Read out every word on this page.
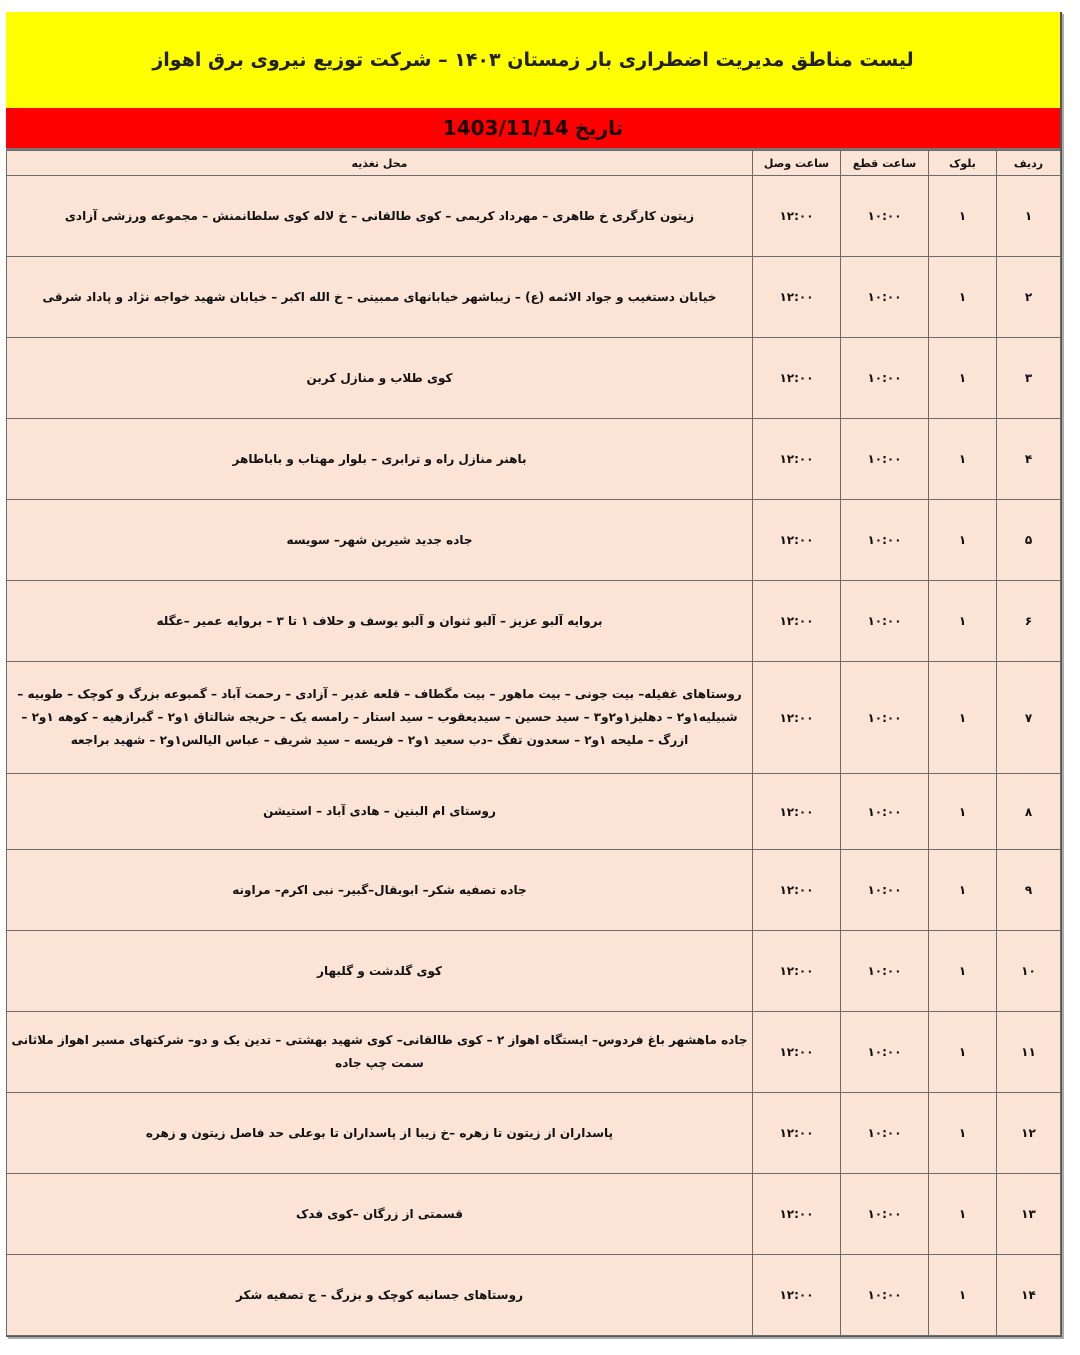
لیست مناطق مدیریت اضطراری بار زمستان ۱۴۰۳ – شرکت توزیع نیروی برق اهواز
تاریخ
1403/11/14
ردیف	بلوک	ساعت قطع	ساعت وصل	محل تغذیه
۱	۱	۱۰:۰۰	۱۲:۰۰	زیتون کارگری خ طاهری – مهرداد کریمی – کوی طالقانی – خ لاله کوی سلطانمنش – مجموعه ورزشی آزادی
۲	۱	۱۰:۰۰	۱۲:۰۰	خیابان دستغیب و جواد الائمه (ع) – زیباشهر خیابانهای ممبینی – خ الله اکبر – خیابان شهید خواجه نژاد و پاداد شرقی
۳	۱	۱۰:۰۰	۱۲:۰۰	کوی طلاب و منازل کربن
۴	۱	۱۰:۰۰	۱۲:۰۰	باهنر منازل راه و ترابری – بلوار مهتاب و باباطاهر
۵	۱	۱۰:۰۰	۱۲:۰۰	جاده جدید شیرین شهر– سویسه
۶	۱	۱۰:۰۰	۱۲:۰۰	بروایه آلبو عزیز – آلبو ثنوان و آلبو یوسف و حلاف ۱ تا ۳ – بروایه عمیر –عگله
۷	۱	۱۰:۰۰	۱۲:۰۰	روستاهای غفیله– بیت جونی – بیت ماهور – بیت مگطاف – قلعه غدیر – آزادی – رحمت آباد – گمبوعه بزرگ و کوچک – طوبیه – شبیلیه۱و۲ – دهلیز۱و۲و۳ – سید حسین – سیدیعقوب – سید استار – رامسه یک – حریجه شالتاق ۱و۲ – گبرازهیه – کوهه ۱و۲ – ازرگ – ملیحه ۱و۲ – سعدون تفگ –دب سعید ۱و۲ – فریسه – سید شریف – عباس الیالس۱و۲ – شهید براجعه
۸	۱	۱۰:۰۰	۱۲:۰۰	روستای ام البنین – هادی آباد – استیشن
۹	۱	۱۰:۰۰	۱۲:۰۰	جاده تصفیه شکر– ابوبقال–گبیر– نبی اکرم– مراونه
۱۰	۱	۱۰:۰۰	۱۲:۰۰	کوی گلدشت و گلبهار
۱۱	۱	۱۰:۰۰	۱۲:۰۰	جاده ماهشهر باغ فردوس– ایستگاه اهواز ۲ – کوی طالقانی– کوی شهید بهشتی – تدین یک و دو– شرکتهای مسیر اهواز ملاثانی سمت چپ جاده
۱۲	۱	۱۰:۰۰	۱۲:۰۰	پاسداران از زیتون تا زهره –خ زیبا از پاسداران تا بوعلی حد فاصل زیتون و زهره
۱۳	۱	۱۰:۰۰	۱۲:۰۰	قسمتی از زرگان –کوی فدک
۱۴	۱	۱۰:۰۰	۱۲:۰۰	روستاهای جسانیه کوچک و بزرگ – ج تصفیه شکر
